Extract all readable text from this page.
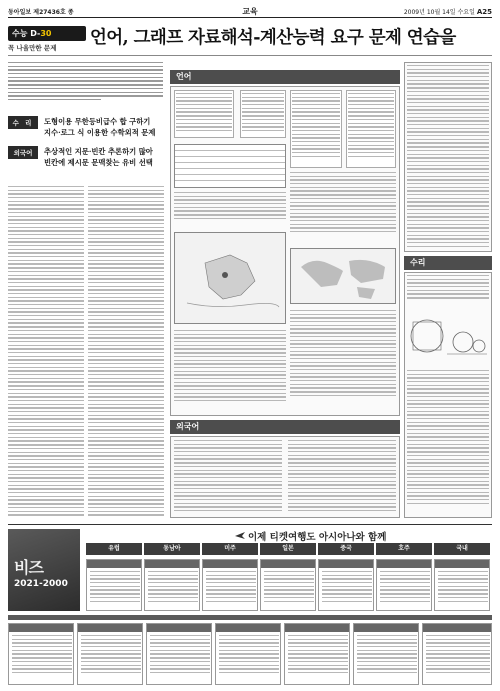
동아일보 제27436호 종	교육	2009년 10월 14일 수요일 A25
수능 D-30
꼭 나올만한 문제	언어, 그래프 자료해석-계산능력 요구 문제 연습을
수 리	도형이용 무한등비급수 합 구하기
지수·로그 식 이용한 수학외적 문제
외국어	추상적인 지문·빈칸 추론하기 많아
빈칸에 제시문 문맥찾는 유비 선택
언어
외국어
수리
비즈
2021-2000
이제 티켓여행도 아시아나와 함께
유럽	동남아	미주	일본	중국	호주	국내
